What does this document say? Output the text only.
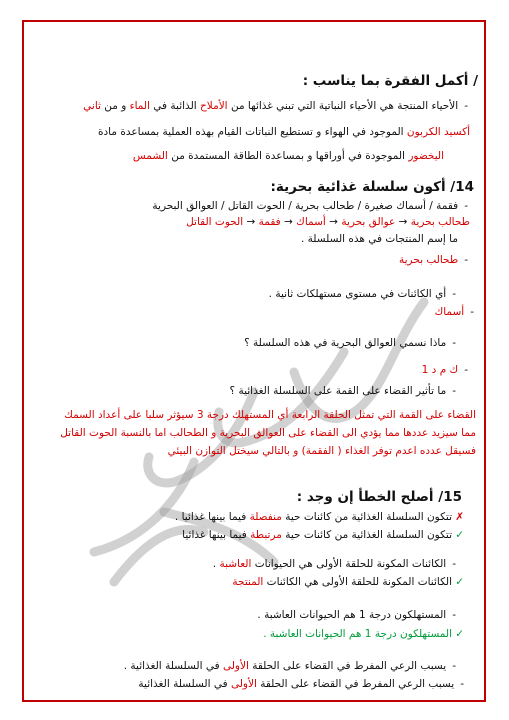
/ أكمل الفقرة بما يناسب :
- الأحياء المنتجة هي الأحياء النباتية التي تبني غذائها من الأملاح الذائبة في الماء و من ثاني
أكسيد الكربون الموجود في الهواء و تستطيع النباتات القيام بهذه العملية بمساعدة مادة
اليخضور الموجودة في أوراقها و بمساعدة الطاقة المستمدة من الشمس
14/ أكون سلسلة غذائية بحرية:
- فقمة / أسماك صغيرة / طحالب بحرية / الحوت القاتل / العوالق البحرية
طحالب بحرية → عوالق بحرية → أسماك → فقمة → الحوت القاتل
ما إسم المنتجات في هذه السلسلة .
- طحالب بحرية
- أي الكائنات في مستوى مستهلكات ثانية .
- أسماك
- ماذا نسمي العوالق البحرية في هذه السلسلة ؟
- ك م د 1
- ما تأثير القضاء على القمة على السلسلة الغذائية ؟
القضاء على القمة التي تمثل الحلقة الرابعة أي المستهلك درجة 3 سيؤثر سلبا على أعداد السمك
مما سيزيد عددها مما يؤدي الى القضاء على العوالق البحرية و الطحالب اما بالنسبة الحوت القاتل
فسيقل عدده اعدم توفر الغذاء ( الفقمة) و بالتالي سيختل التوازن البيئي
15/ أصلح الخطأ إن وجد :
✗تتكون السلسلة الغذائية من كائنات حية منفصلة فيما بينها غذائيا .
✓تتكون السلسلة الغذائية من كائنات حية مرتبطة فيما بينها غذائيا
- الكائنات المكونة للحلقة الأولى هي الحيوانات العاشبة .
✓الكائنات المكونة للحلقة الأولى هي الكائنات المنتجة
- المستهلكون درجة 1 هم الحيوانات العاشبة .
✓المستهلكون درجة 1 هم الحيوانات العاشبة .
- يسبب الرعي المفرط في القضاء على الحلقة الأولى في السلسلة الغذائية .
- يسبب الرعي المفرط في القضاء على الحلقة الأولى في السلسلة الغذائية
